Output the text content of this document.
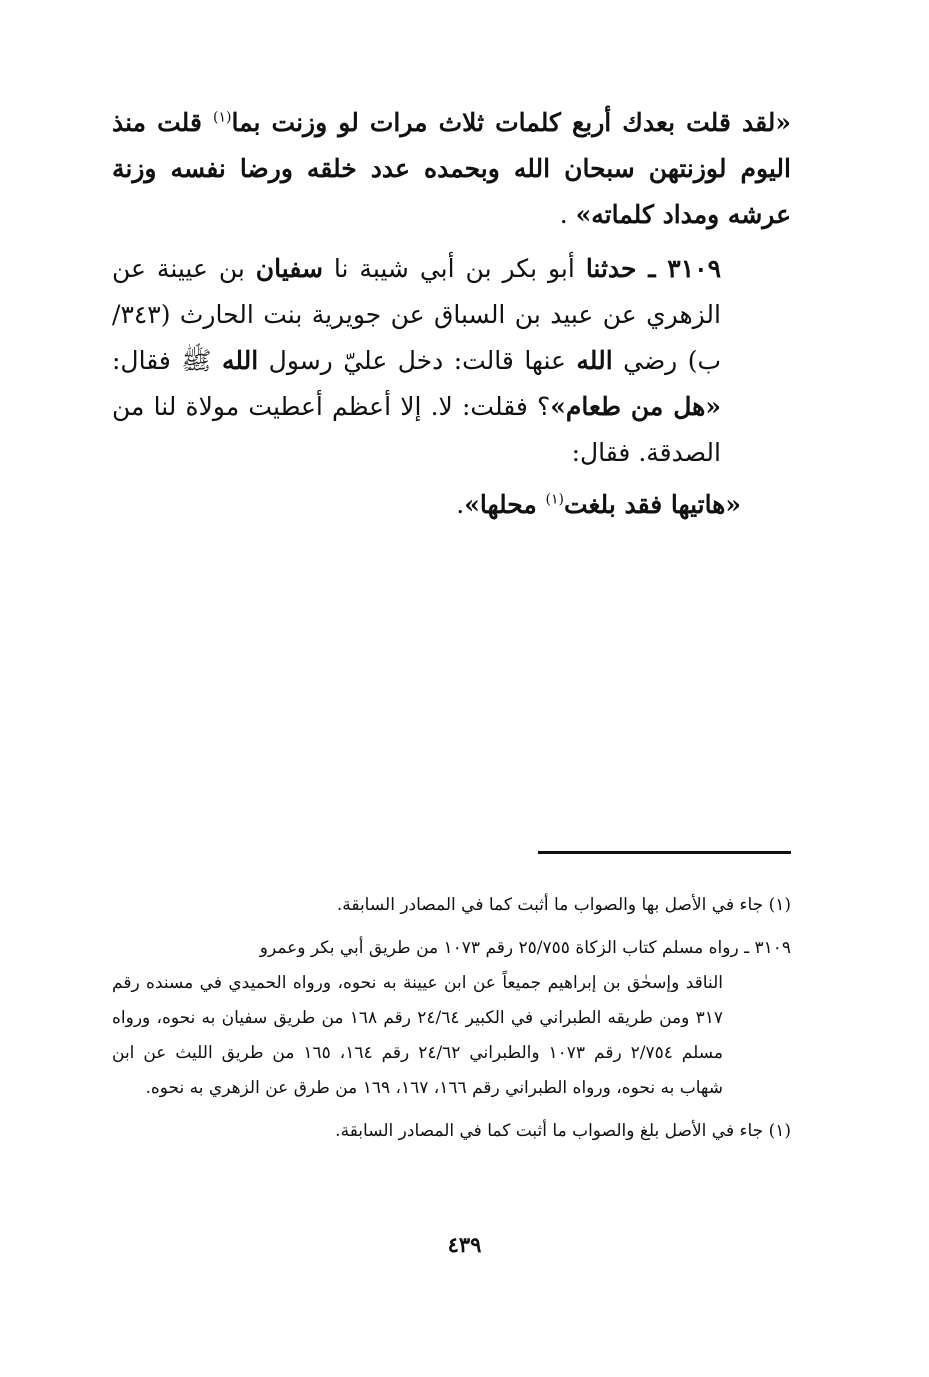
«لقد قلت بعدك أربع كلمات ثلاث مرات لو وزنت بما$^{(١)}$ قلت منذ اليوم لوزنتهن سبحان الله وبحمده عدد خلقه ورضا نفسه وزنة عرشه ومداد كلماته» .

٣١٠٩ ـ حدثنا أبو بكر بن أبي شيبة نا سفيان بن عيينة عن الزهري عن عبيد بن السباق عن جويرية بنت الحارث (٣٤٣/ب) رضي الله عنها قالت: دخل عليّ رسول الله ﷺ فقال: «هل من طعام»؟ فقلت: لا. إلا أعظم أعطيت مولاة لنا من الصدقة. فقال:

«هاتيها فقد بلغت$^{(١)}$ محلها».

(١) جاء في الأصل بها والصواب ما أثبت كما في المصادر السابقة.

٣١٠٩ ـ رواه مسلم كتاب الزكاة ٢٥/٧٥٥ رقم ١٠٧٣ من طريق أبي بكر وعمرو

الناقد وإسحٰق بن إبراهيم جميعاً عن ابن عيينة به نحوه، ورواه الحميدي في مسنده رقم ٣١٧ ومن طريقه الطبراني في الكبير ٢٤/٦٤ رقم ١٦٨ من طريق سفيان به نحوه، ورواه مسلم ٢/٧٥٤ رقم ١٠٧٣ والطبراني ٢٤/٦٢ رقم ١٦٤، ١٦٥ من طريق الليث عن ابن شهاب به نحوه، ورواه الطبراني رقم ١٦٦، ١٦٧، ١٦٩ من طرق عن الزهري به نحوه.

(١) جاء في الأصل بلغ والصواب ما أثبت كما في المصادر السابقة.

٤٣٩
